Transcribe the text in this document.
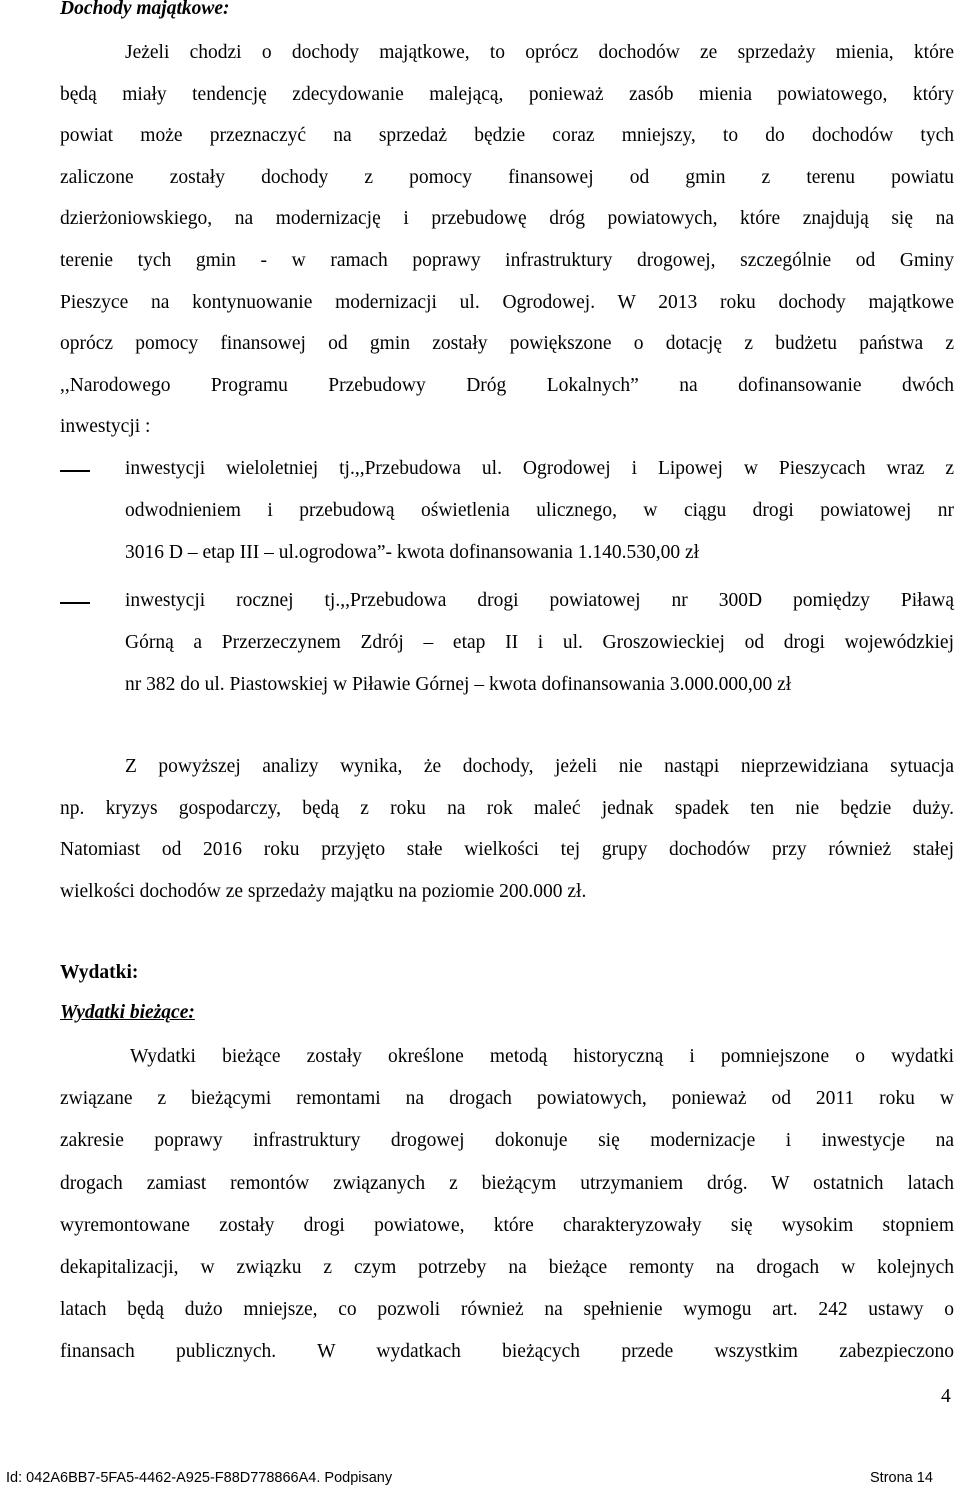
Dochody majątkowe:
Jeżeli chodzi o dochody majątkowe, to oprócz dochodów ze sprzedaży mienia, które
będą miały tendencję zdecydowanie malejącą, ponieważ zasób mienia powiatowego, który
powiat może przeznaczyć na sprzedaż będzie coraz mniejszy, to do dochodów tych
zaliczone zostały dochody z pomocy finansowej od gmin z terenu powiatu
dzierżoniowskiego, na modernizację i przebudowę dróg powiatowych, które znajdują się na
terenie tych gmin - w ramach poprawy infrastruktury drogowej, szczególnie od Gminy
Pieszyce na kontynuowanie modernizacji ul. Ogrodowej. W 2013 roku dochody majątkowe
oprócz pomocy finansowej od gmin zostały powiększone o dotację z budżetu państwa z
,,Narodowego Programu Przebudowy Dróg Lokalnych” na dofinansowanie dwóch
inwestycji :
inwestycji wieloletniej tj.,,Przebudowa ul. Ogrodowej i Lipowej w Pieszycach wraz z
odwodnieniem i przebudową oświetlenia ulicznego, w ciągu drogi powiatowej nr
3016 D – etap III – ul.ogrodowa”- kwota dofinansowania 1.140.530,00 zł
inwestycji rocznej tj.,,Przebudowa drogi powiatowej nr 300D pomiędzy Piławą
Górną a Przerzeczynem Zdrój – etap II i ul. Groszowieckiej od drogi wojewódzkiej
nr 382 do ul. Piastowskiej w Piławie Górnej – kwota dofinansowania 3.000.000,00 zł
Z powyższej analizy wynika, że dochody, jeżeli nie nastąpi nieprzewidziana sytuacja
np. kryzys gospodarczy, będą z roku na rok maleć jednak spadek ten nie będzie duży.
Natomiast od 2016 roku przyjęto stałe wielkości tej grupy dochodów przy również stałej
wielkości dochodów ze sprzedaży majątku na poziomie 200.000 zł.
Wydatki:
Wydatki bieżące:
Wydatki bieżące zostały określone metodą historyczną i pomniejszone o wydatki
związane z bieżącymi remontami na drogach powiatowych, ponieważ od 2011 roku w
zakresie poprawy infrastruktury drogowej dokonuje się modernizacje i inwestycje na
drogach zamiast remontów związanych z bieżącym utrzymaniem dróg. W ostatnich latach
wyremontowane zostały drogi powiatowe, które charakteryzowały się wysokim stopniem
dekapitalizacji, w związku z czym potrzeby na bieżące remonty na drogach w kolejnych
latach będą dużo mniejsze, co pozwoli również na spełnienie wymogu art. 242 ustawy o
finansach publicznych. W wydatkach bieżących przede wszystkim zabezpieczono
4
Id: 042A6BB7-5FA5-4462-A925-F88D778866A4. Podpisany	Strona 14
